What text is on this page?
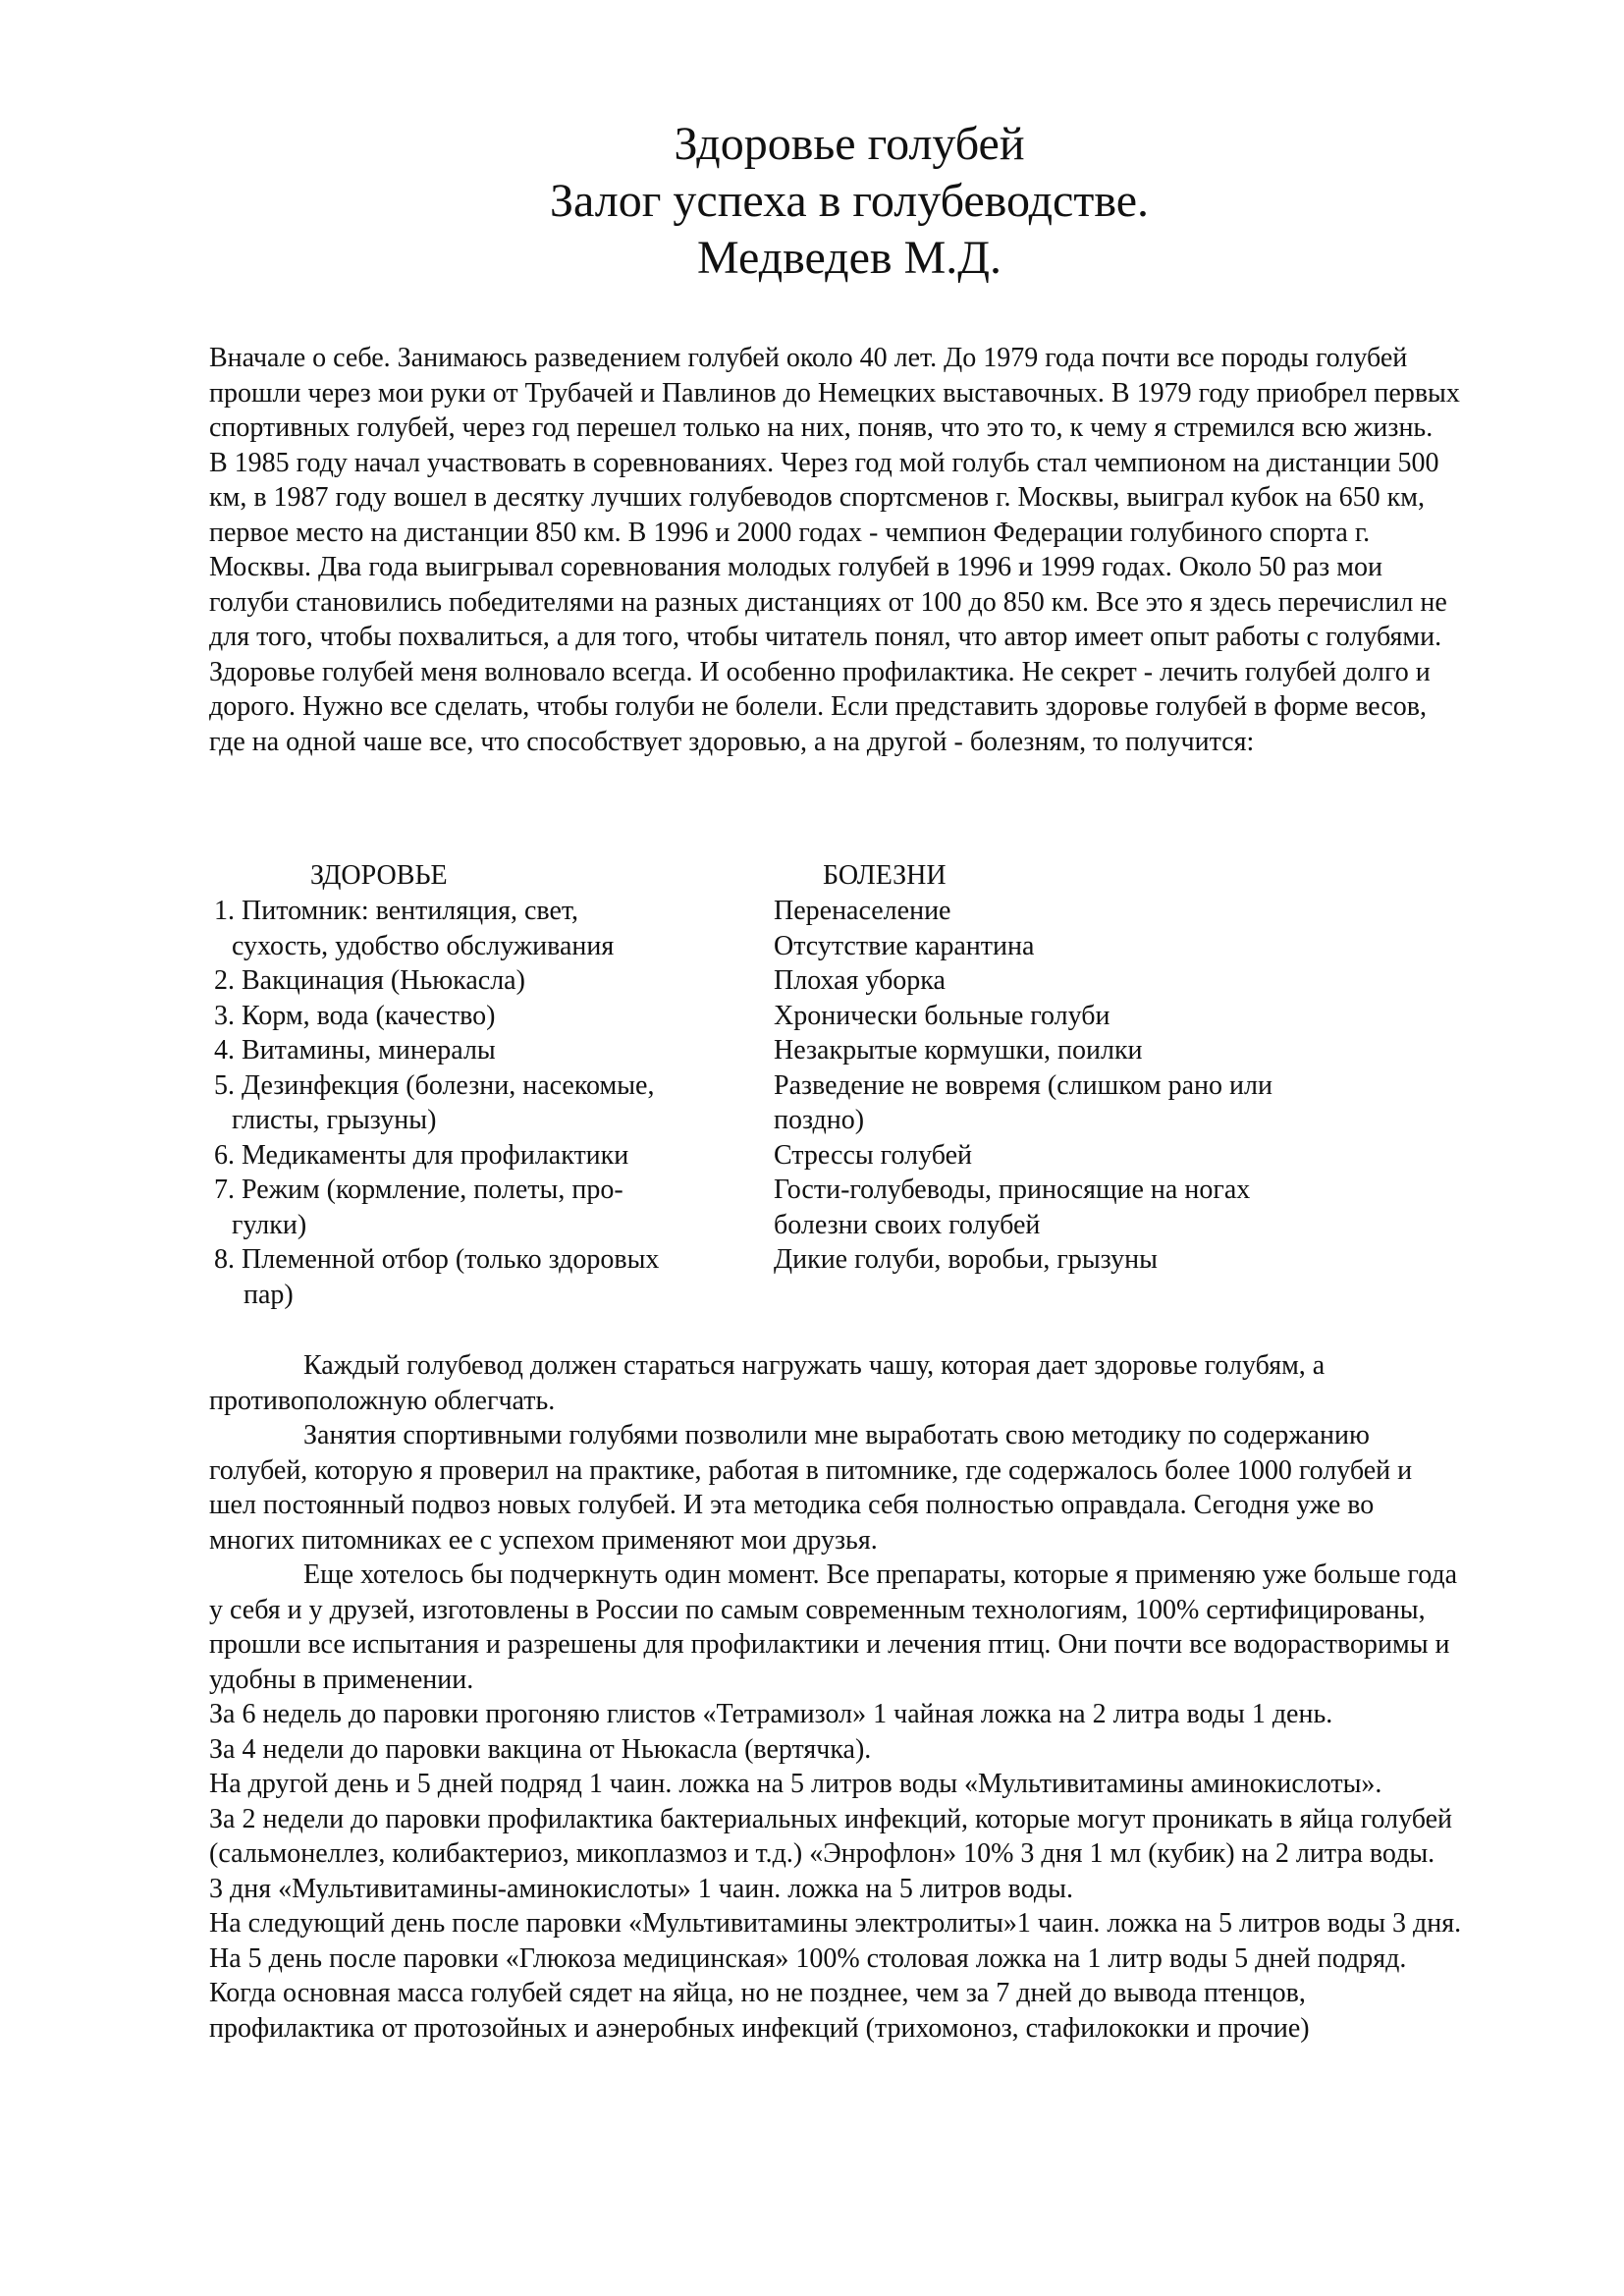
Здоровье голубей
Залог успеха в голубеводстве.
Медведев М.Д.

Вначале о себе. Занимаюсь разведением голубей около 40 лет. До 1979 года почти все породы голубей прошли через мои руки от Трубачей и Павлинов до Немецких выставочных. В 1979 году приобрел первых спортивных голубей, через год перешел только на них, поняв, что это то, к чему я стремился всю жизнь.

В 1985 году начал участвовать в соревнованиях. Через год мой голубь стал чемпионом на дистанции 500 км, в 1987 году вошел в десятку лучших голубеводов спортсменов г. Москвы, выиграл кубок на 650 км, первое место на дистанции 850 км. В 1996 и 2000 годах - чемпион Федерации голубиного спорта г. Москвы. Два года выигрывал соревнования молодых голубей в 1996 и 1999 годах. Около 50 раз мои голуби становились победителями на разных дистанциях от 100 до 850 км. Все это я здесь перечислил не для того, чтобы похвалиться, а для того, чтобы читатель понял, что автор имеет опыт работы с голубями.

Здоровье голубей меня волновало всегда. И особенно профилактика. Не секрет - лечить голубей долго и дорого. Нужно все сделать, чтобы голуби не болели. Если представить здоровье голубей в форме весов, где на одной чаше все, что способствует здоровью, а на другой - болезням, то получится:

ЗДОРОВЬЕ	БОЛЕЗНИ
1. Питомник: вентиляция, свет,
сухость, удобство обслуживания
2. Вакцинация (Ньюкасла)
3. Корм, вода (качество)
4. Витамины, минералы
5. Дезинфекция (болезни, насекомые,
глисты, грызуны)
6. Медикаменты для профилактики
7. Режим (кормление, полеты, про-
гулки)
8. Племенной отбор (только здоровых
пар)
Перенаселение
Отсутствие карантина
Плохая уборка
Хронически больные голуби
Незакрытые кормушки, поилки
Разведение не вовремя (слишком рано или
поздно)
Стрессы голубей
Гости-голубеводы, приносящие на ногах
болезни своих голубей
Дикие голуби, воробьи, грызуны

Каждый голубевод должен стараться нагружать чашу, которая дает здоровье голубям, а противоположную облегчать.

Занятия спортивными голубями позволили мне выработать свою методику по содержанию голубей, которую я проверил на практике, работая в питомнике, где содержалось более 1000 голубей и шел постоянный подвоз новых голубей. И эта методика себя полностью оправдала. Сегодня уже во многих питомниках ее с успехом применяют мои друзья.

Еще хотелось бы подчеркнуть один момент. Все препараты, которые я применяю уже больше года у себя и у друзей, изготовлены в России по самым современным технологиям, 100% сертифицированы, прошли все испытания и разрешены для профилактики и лечения птиц. Они почти все водорастворимы и удобны в применении.

За 6 недель до паровки прогоняю глистов «Тетрамизол» 1 чайная ложка на 2 литра воды 1 день.

За 4 недели до паровки вакцина от Ньюкасла (вертячка).

На другой день и 5 дней подряд 1 чаин. ложка на 5 литров воды «Мультивитамины аминокислоты».

За 2 недели до паровки профилактика бактериальных инфекций, которые могут проникать в яйца голубей (сальмонеллез, колибактериоз, микоплазмоз и т.д.) «Энрофлон» 10% 3 дня 1 мл (кубик) на 2 литра воды.

3 дня «Мультивитамины-аминокислоты» 1 чаин. ложка на 5 литров воды.

На следующий день после паровки «Мультивитамины электролиты»1 чаин. ложка на 5 литров воды 3 дня.

На 5 день после паровки «Глюкоза медицинская» 100% столовая ложка на 1 литр воды 5 дней подряд.

Когда основная масса голубей сядет на яйца, но не позднее, чем за 7 дней до вывода птенцов, профилактика от протозойных и аэнеробных инфекций (трихомоноз, стафилококки и прочие)
